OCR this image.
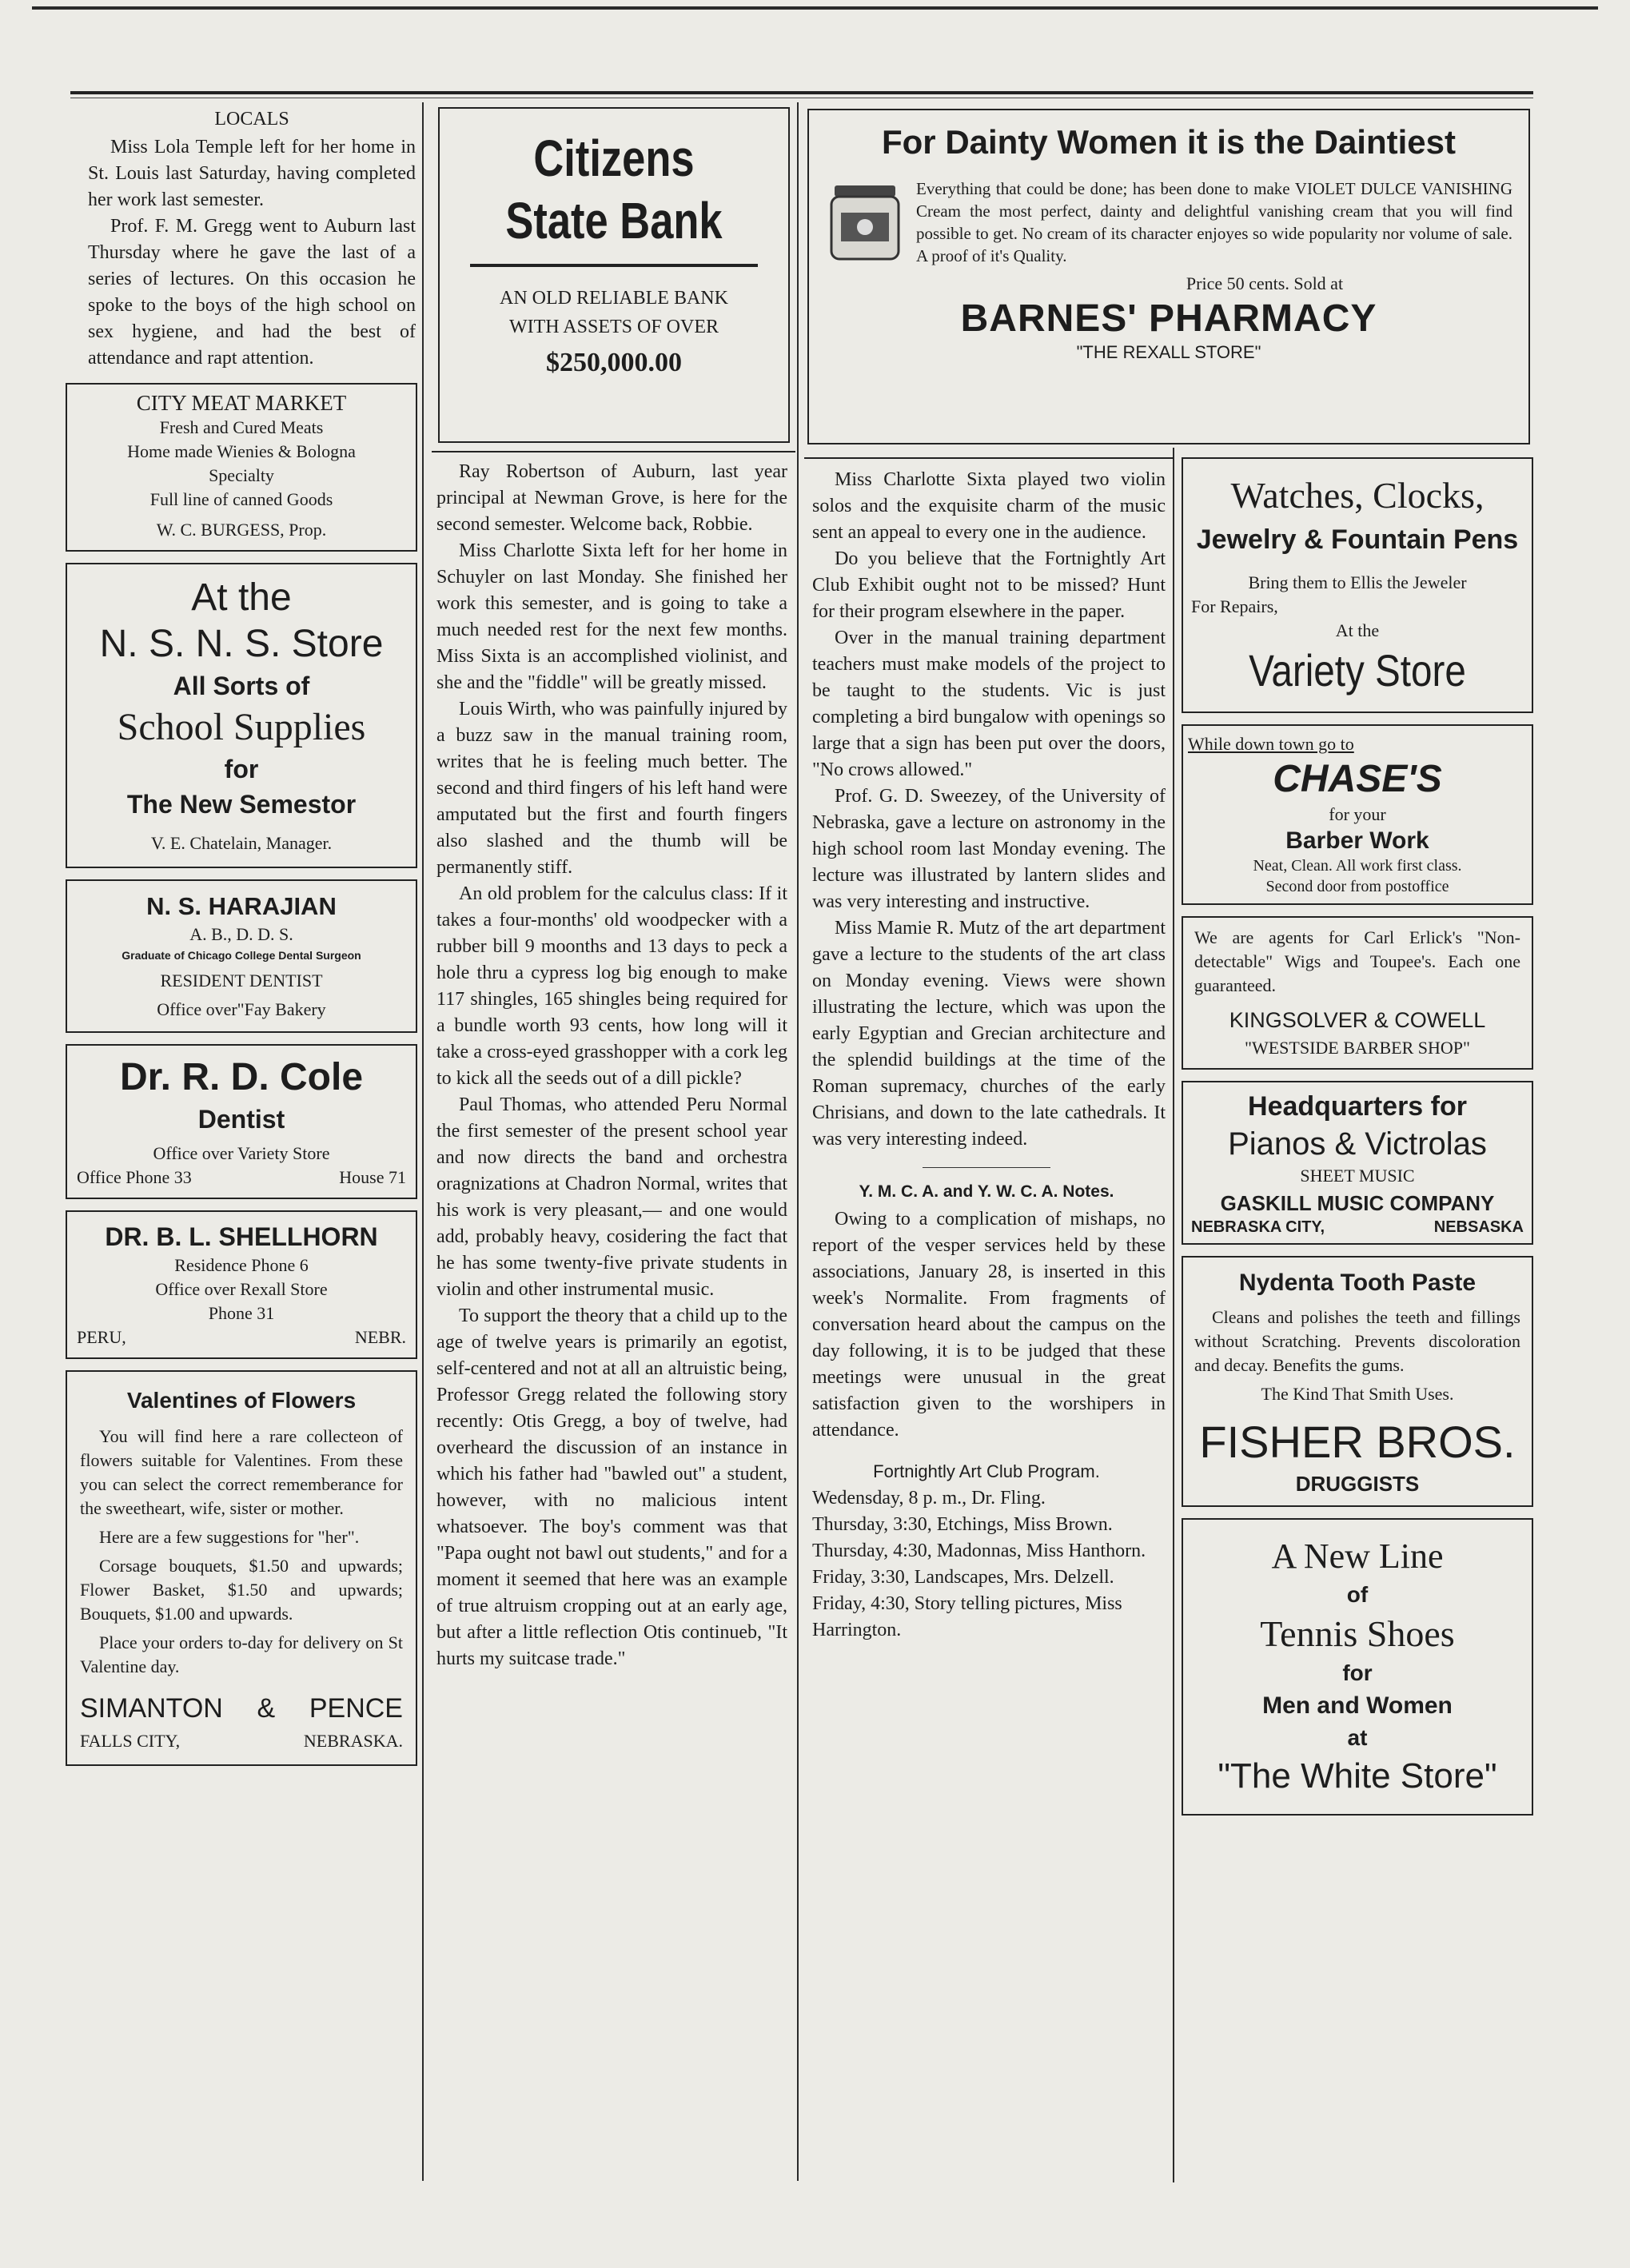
LOCALS

Miss Lola Temple left for her home in St. Louis last Saturday, having completed her work last semester.

Prof. F. M. Gregg went to Auburn last Thursday where he gave the last of a series of lectures. On this occasion he spoke to the boys of the high school on sex hygiene, and had the best of attendance and rapt attention.

CITY MEAT MARKET
Fresh and Cured Meats
Home made Wienies & Bologna
Specialty
Full line of canned Goods
W. C. BURGESS, Prop.
At the
N. S. N. S. Store
All Sorts of
School Supplies
for
The New Semestor
V. E. Chatelain, Manager.
N. S. HARAJIAN
A. B., D. D. S.
Graduate of Chicago College Dental Surgeon
RESIDENT DENTIST
Office over"Fay Bakery
Dr. R. D. Cole
Dentist
Office over Variety Store
Office Phone 33	House 71
DR. B. L. SHELLHORN
Residence Phone 6
Office over Rexall Store
Phone 31
PERU,	NEBR.
Valentines of Flowers

You will find here a rare collecteon of flowers suitable for Valentines. From these you can select the correct rememberance for the sweetheart, wife, sister or mother.

Here are a few suggestions for "her".

Corsage bouquets, $1.50 and upwards; Flower Basket, $1.50 and upwards; Bouquets, $1.00 and upwards.

Place your orders to-day for delivery on St Valentine day.

SIMANTON & PENCE
FALLS CITY,	NEBRASKA.
Citizens
State Bank
AN OLD RELIABLE BANK
WITH ASSETS OF OVER
$250,000.00

Ray Robertson of Auburn, last year principal at Newman Grove, is here for the second semester. Welcome back, Robbie.

Miss Charlotte Sixta left for her home in Schuyler on last Monday. She finished her work this semester, and is going to take a much needed rest for the next few months. Miss Sixta is an accomplished violinist, and she and the "fiddle" will be greatly missed.

Louis Wirth, who was painfully injured by a buzz saw in the manual training room, writes that he is feeling much better. The second and third fingers of his left hand were amputated but the first and fourth fingers also slashed and the thumb will be permanently stiff.

An old problem for the calculus class: If it takes a four-months' old woodpecker with a rubber bill 9 moonths and 13 days to peck a hole thru a cypress log big enough to make 117 shingles, 165 shingles being required for a bundle worth 93 cents, how long will it take a cross-eyed grasshopper with a cork leg to kick all the seeds out of a dill pickle?

Paul Thomas, who attended Peru Normal the first semester of the present school year and now directs the band and orchestra oragnizations at Chadron Normal, writes that his work is very pleasant,— and one would add, probably heavy, cosidering the fact that he has some twenty-five private students in violin and other instrumental music.

To support the theory that a child up to the age of twelve years is primarily an egotist, self-centered and not at all an altruistic being, Professor Gregg related the following story recently: Otis Gregg, a boy of twelve, had overheard the discussion of an instance in which his father had "bawled out" a student, however, with no malicious intent whatsoever. The boy's comment was that "Papa ought not bawl out students," and for a moment it seemed that here was an example of true altruism cropping out at an early age, but after a little reflection Otis continueb, "It hurts my suitcase trade."

For Dainty Women it is the Daintiest
Everything that could be done; has been done to make VIOLET DULCE VANISHING Cream the most perfect, dainty and delightful vanishing cream that you will find possible to get. No cream of its character enjoyes so wide popularity nor volume of sale. A proof of it's Quality.
Price 50 cents. Sold at
BARNES' PHARMACY
"THE REXALL STORE"

Miss Charlotte Sixta played two violin solos and the exquisite charm of the music sent an appeal to every one in the audience.

Do you believe that the Fortnightly Art Club Exhibit ought not to be missed? Hunt for their program elsewhere in the paper.

Over in the manual training department teachers must make models of the project to be taught to the students. Vic is just completing a bird bungalow with openings so large that a sign has been put over the doors, "No crows allowed."

Prof. G. D. Sweezey, of the University of Nebraska, gave a lecture on astronomy in the high school room last Monday evening. The lecture was illustrated by lantern slides and was very interesting and instructive.

Miss Mamie R. Mutz of the art department gave a lecture to the students of the art class on Monday evening. Views were shown illustrating the lecture, which was upon the early Egyptian and Grecian architecture and the splendid buildings at the time of the Roman supremacy, churches of the early Chrisians, and down to the late cathedrals. It was very interesting indeed.

Y. M. C. A. and Y. W. C. A. Notes.

Owing to a complication of mishaps, no report of the vesper services held by these associations, January 28, is inserted in this week's Normalite. From fragments of conversation heard about the campus on the day following, it is to be judged that these meetings were unusual in the great satisfaction given to the worshipers in attendance.

Fortnightly Art Club Program.
Wedensday, 8 p. m., Dr. Fling.
Thursday, 3:30, Etchings, Miss Brown.
Thursday, 4:30, Madonnas, Miss Hanthorn.
Friday, 3:30, Landscapes, Mrs. Delzell.
Friday, 4:30, Story telling pictures, Miss Harrington.
Watches, Clocks,
Jewelry & Fountain Pens
Bring them to Ellis the Jeweler
For Repairs,
At the
Variety Store
While down town go to
CHASE'S
for your
Barber Work
Neat, Clean. All work first class.
Second door from postoffice
We are agents for Carl Erlick's "Non-detectable" Wigs and Toupee's. Each one guaranteed.
KINGSOLVER & COWELL
"WESTSIDE BARBER SHOP"
Headquarters for
Pianos & Victrolas
SHEET MUSIC
GASKILL MUSIC COMPANY
NEBRASKA CITY,	NEBSASKA
Nydenta Tooth Paste
Cleans and polishes the teeth and fillings without Scratching. Prevents discoloration and decay. Benefits the gums.
The Kind That Smith Uses.
FISHER BROS.
DRUGGISTS
A New Line
of
Tennis Shoes
for
Men and Women
at
"The White Store"
